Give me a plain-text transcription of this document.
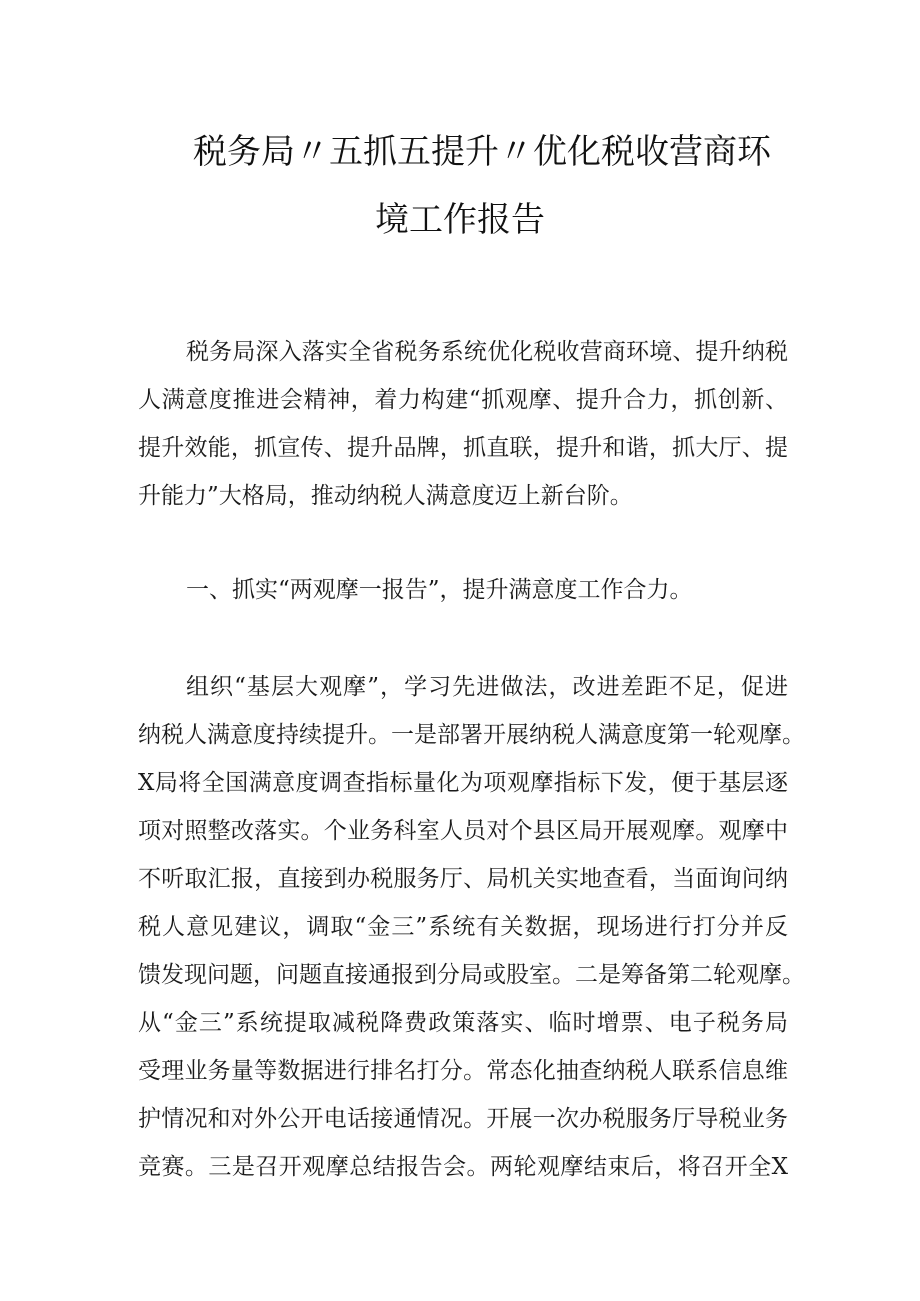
税务局〃五抓五提升〃优化税收营商环
境工作报告
税务局深入落实全省税务系统优化税收营商环境、提升纳税
人满意度推进会精神，着力构建“抓观摩、提升合力，抓创新、
提升效能，抓宣传、提升品牌，抓直联，提升和谐，抓大厅、提
升能力”大格局，推动纳税人满意度迈上新台阶。
一、抓实“两观摩一报告”，提升满意度工作合力。
组织“基层大观摩”，学习先进做法，改进差距不足，促进
纳税人满意度持续提升。一是部署开展纳税人满意度第一轮观摩。
X局将全国满意度调查指标量化为项观摩指标下发，便于基层逐
项对照整改落实。个业务科室人员对个县区局开展观摩。观摩中
不听取汇报，直接到办税服务厅、局机关实地查看，当面询问纳
税人意见建议，调取“金三”系统有关数据，现场进行打分并反
馈发现问题，问题直接通报到分局或股室。二是筹备第二轮观摩。
从“金三”系统提取减税降费政策落实、临时增票、电子税务局
受理业务量等数据进行排名打分。常态化抽查纳税人联系信息维
护情况和对外公开电话接通情况。开展一次办税服务厅导税业务
竞赛。三是召开观摩总结报告会。两轮观摩结束后，将召开全X
